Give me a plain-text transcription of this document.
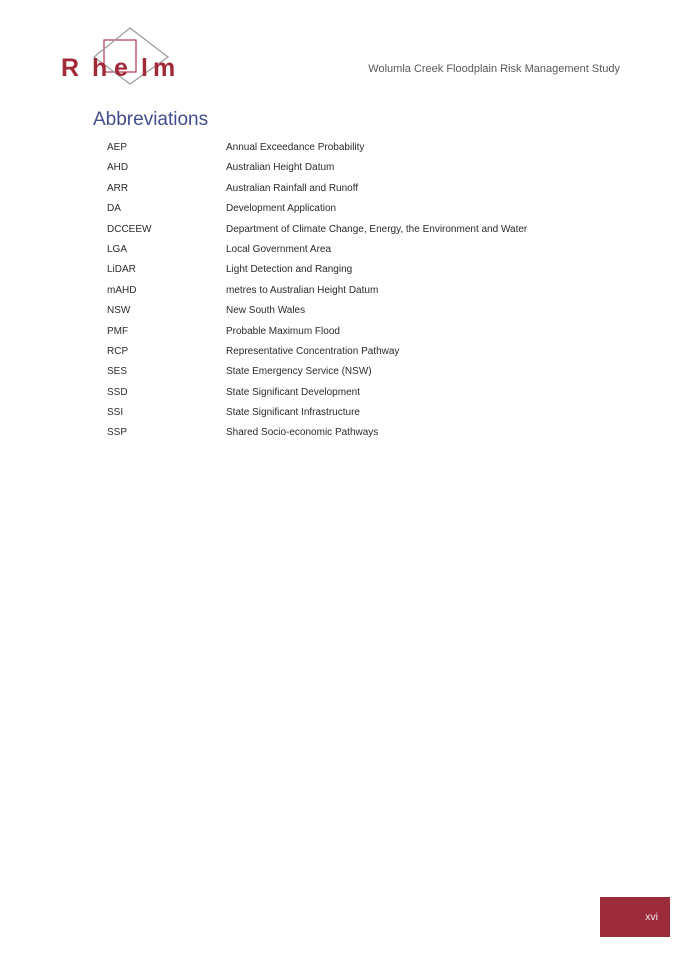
R h e l m	Wolumla Creek Floodplain Risk Management Study
Abbreviations
AEP	Annual Exceedance Probability
AHD	Australian Height Datum
ARR	Australian Rainfall and Runoff
DA	Development Application
DCCEEW	Department of Climate Change, Energy, the Environment and Water
LGA	Local Government Area
LiDAR	Light Detection and Ranging
mAHD	metres to Australian Height Datum
NSW	New South Wales
PMF	Probable Maximum Flood
RCP	Representative Concentration Pathway
SES	State Emergency Service (NSW)
SSD	State Significant Development
SSI	State Significant Infrastructure
SSP	Shared Socio-economic Pathways
xvi
